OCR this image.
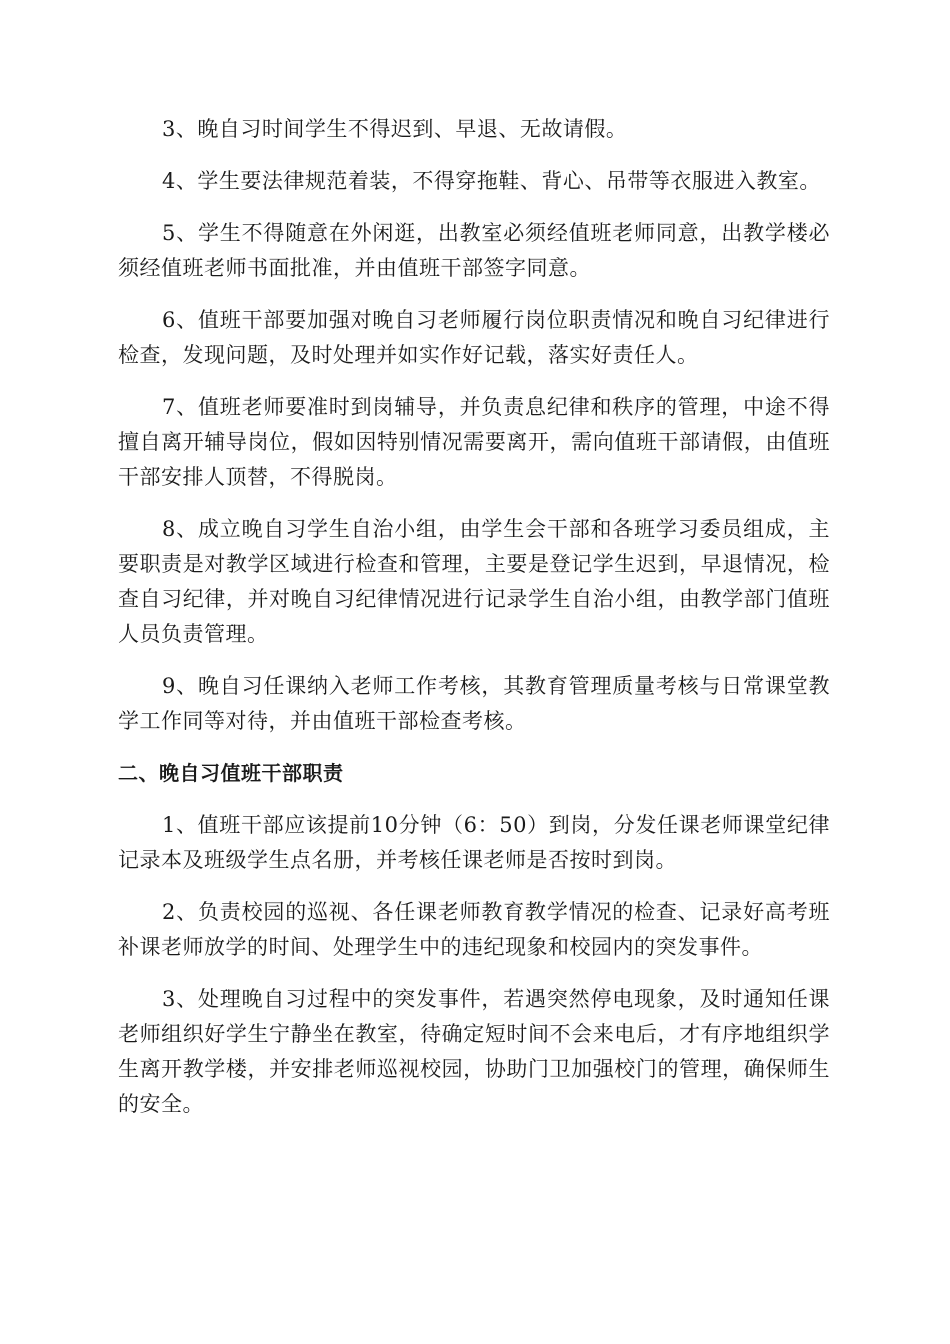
3、晚自习时间学生不得迟到、早退、无故请假。

4、学生要法律规范着装，不得穿拖鞋、背心、吊带等衣服进入教室。

5、学生不得随意在外闲逛，出教室必须经值班老师同意，出教学楼必须经值班老师书面批准，并由值班干部签字同意。

6、值班干部要加强对晚自习老师履行岗位职责情况和晚自习纪律进行检查，发现问题，及时处理并如实作好记载，落实好责任人。

7、值班老师要准时到岗辅导，并负责息纪律和秩序的管理，中途不得擅自离开辅导岗位，假如因特别情况需要离开，需向值班干部请假，由值班干部安排人顶替，不得脱岗。

8、成立晚自习学生自治小组，由学生会干部和各班学习委员组成，主要职责是对教学区域进行检查和管理，主要是登记学生迟到，早退情况，检查自习纪律，并对晚自习纪律情况进行记录学生自治小组，由教学部门值班人员负责管理。

9、晚自习任课纳入老师工作考核，其教育管理质量考核与日常课堂教学工作同等对待，并由值班干部检查考核。

二、晚自习值班干部职责

1、值班干部应该提前10分钟（6：50）到岗，分发任课老师课堂纪律记录本及班级学生点名册，并考核任课老师是否按时到岗。

2、负责校园的巡视、各任课老师教育教学情况的检查、记录好高考班补课老师放学的时间、处理学生中的违纪现象和校园内的突发事件。

3、处理晚自习过程中的突发事件，若遇突然停电现象，及时通知任课老师组织好学生宁静坐在教室，待确定短时间不会来电后，才有序地组织学生离开教学楼，并安排老师巡视校园，协助门卫加强校门的管理，确保师生的安全。
